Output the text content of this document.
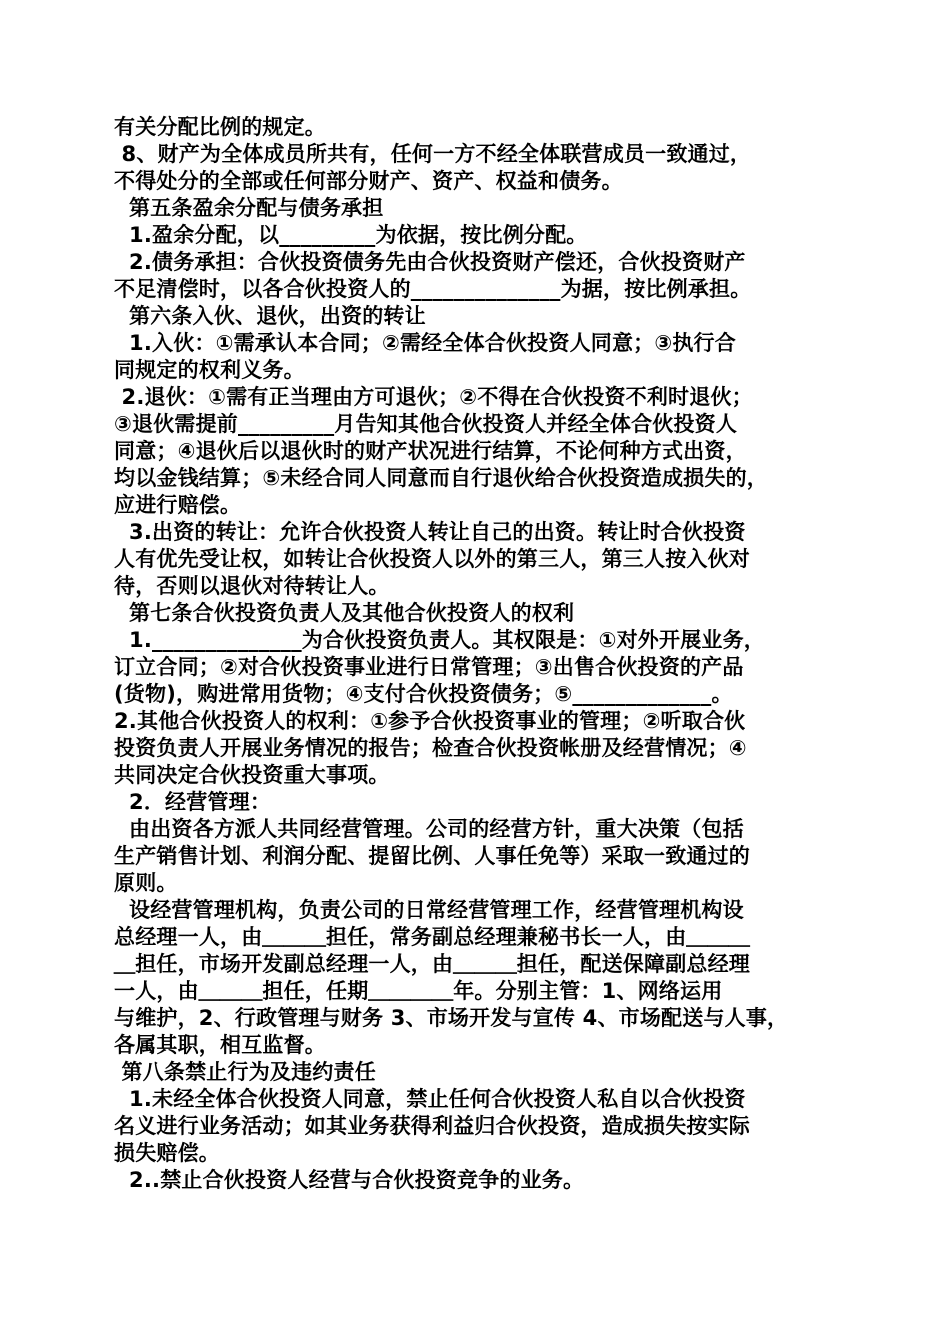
有关分配比例的规定。
8、财产为全体成员所共有，任何一方不经全体联营成员一致通过，
不得处分的全部或任何部分财产、资产、权益和债务。
第五条盈余分配与债务承担
1.盈余分配，以_________为依据，按比例分配。
2.债务承担：合伙投资债务先由合伙投资财产偿还，合伙投资财产
不足清偿时，以各合伙投资人的______________为据，按比例承担。
第六条入伙、退伙，出资的转让
1.入伙：①需承认本合同；②需经全体合伙投资人同意；③执行合
同规定的权利义务。
2.退伙：①需有正当理由方可退伙；②不得在合伙投资不利时退伙；
③退伙需提前_________月告知其他合伙投资人并经全体合伙投资人
同意；④退伙后以退伙时的财产状况进行结算，不论何种方式出资，
均以金钱结算；⑤未经合同人同意而自行退伙给合伙投资造成损失的，
应进行赔偿。
3.出资的转让：允许合伙投资人转让自己的出资。转让时合伙投资
人有优先受让权，如转让合伙投资人以外的第三人，第三人按入伙对
待，否则以退伙对待转让人。
第七条合伙投资负责人及其他合伙投资人的权利
1.______________为合伙投资负责人。其权限是：①对外开展业务，
订立合同；②对合伙投资事业进行日常管理；③出售合伙投资的产品
(货物)，购进常用货物；④支付合伙投资债务；⑤_____________。
2.其他合伙投资人的权利：①参予合伙投资事业的管理；②听取合伙
投资负责人开展业务情况的报告；检查合伙投资帐册及经营情况；④
共同决定合伙投资重大事项。
2．经营管理：
由出资各方派人共同经营管理。公司的经营方针，重大决策（包括
生产销售计划、利润分配、提留比例、人事任免等）采取一致通过的
原则。
设经营管理机构，负责公司的日常经营管理工作，经营管理机构设
总经理一人，由＿＿＿担任，常务副总经理兼秘书长一人，由＿＿＿
＿担任，市场开发副总经理一人，由＿＿＿担任，配送保障副总经理
一人，由＿＿＿担任，任期＿＿＿＿年。分别主管：1、网络运用
与维护，2、行政管理与财务 3、市场开发与宣传 4、市场配送与人事，
各属其职，相互监督。
第八条禁止行为及违约责任
1.未经全体合伙投资人同意，禁止任何合伙投资人私自以合伙投资
名义进行业务活动；如其业务获得利益归合伙投资，造成损失按实际
损失赔偿。
2..禁止合伙投资人经营与合伙投资竞争的业务。
